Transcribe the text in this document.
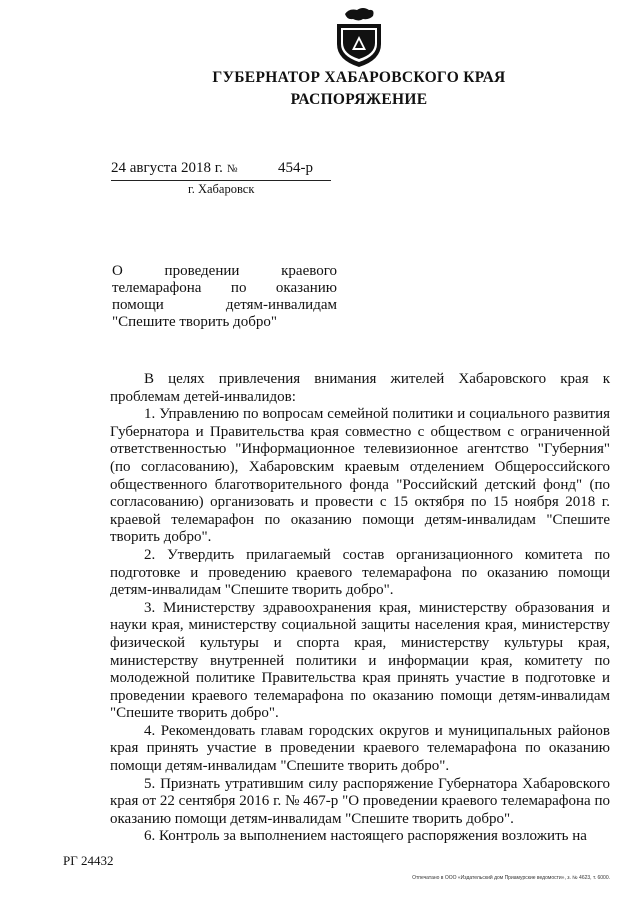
ГУБЕРНАТОР ХАБАРОВСКОГО КРАЯ
РАСПОРЯЖЕНИЕ
24 августа 2018 г. №	454-р
г. Хабаровск
О проведении краевого телемарафона по оказанию помощи детям-инвалидам "Спешите творить добро"

В целях привлечения внимания жителей Хабаровского края к проблемам детей-инвалидов:

1. Управлению по вопросам семейной политики и социального развития Губернатора и Правительства края совместно с обществом с ограниченной ответственностью "Информационное телевизионное агентство "Губерния" (по согласованию), Хабаровским краевым отделением Общероссийского общественного благотворительного фонда "Российский детский фонд" (по согласованию) организовать и провести с 15 октября по 15 ноября 2018 г. краевой телемарафон по оказанию помощи детям-инвалидам "Спешите творить добро".

2. Утвердить прилагаемый состав организационного комитета по подготовке и проведению краевого телемарафона по оказанию помощи детям-инвалидам "Спешите творить добро".

3. Министерству здравоохранения края, министерству образования и науки края, министерству социальной защиты населения края, министерству физической культуры и спорта края, министерству культуры края, министерству внутренней политики и информации края, комитету по молодежной политике Правительства края принять участие в подготовке и проведении краевого телемарафона по оказанию помощи детям-инвалидам "Спешите творить добро".

4. Рекомендовать главам городских округов и муниципальных районов края принять участие в проведении краевого телемарафона по оказанию помощи детям-инвалидам "Спешите творить добро".

5. Признать утратившим силу распоряжение Губернатора Хабаровского края от 22 сентября 2016 г. № 467-р "О проведении краевого телемарафона по оказанию помощи детям-инвалидам "Спешите творить добро".

6. Контроль за выполнением настоящего распоряжения возложить на

РГ 24432
Отпечатано в ООО «Издательский дом Приамурские ведомости», з. № 4623, т. 6000.
